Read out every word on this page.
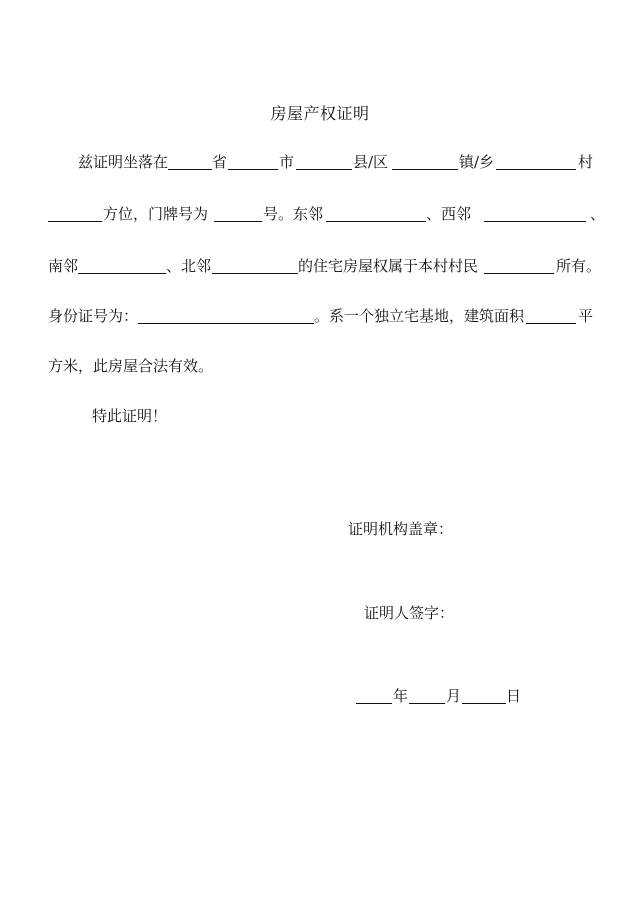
房屋产权证明
兹证明坐落在	省	市	县/区	镇/乡	村
方位，门牌号为	号。东邻	、西邻	、
南邻	、北邻	的住宅房屋权属于本村村民	所有。
身份证号为：	。系一个独立宅基地，建筑面积	平
方米，此房屋合法有效。
特此证明！
证明机构盖章：
证明人签字：
年	月	日
